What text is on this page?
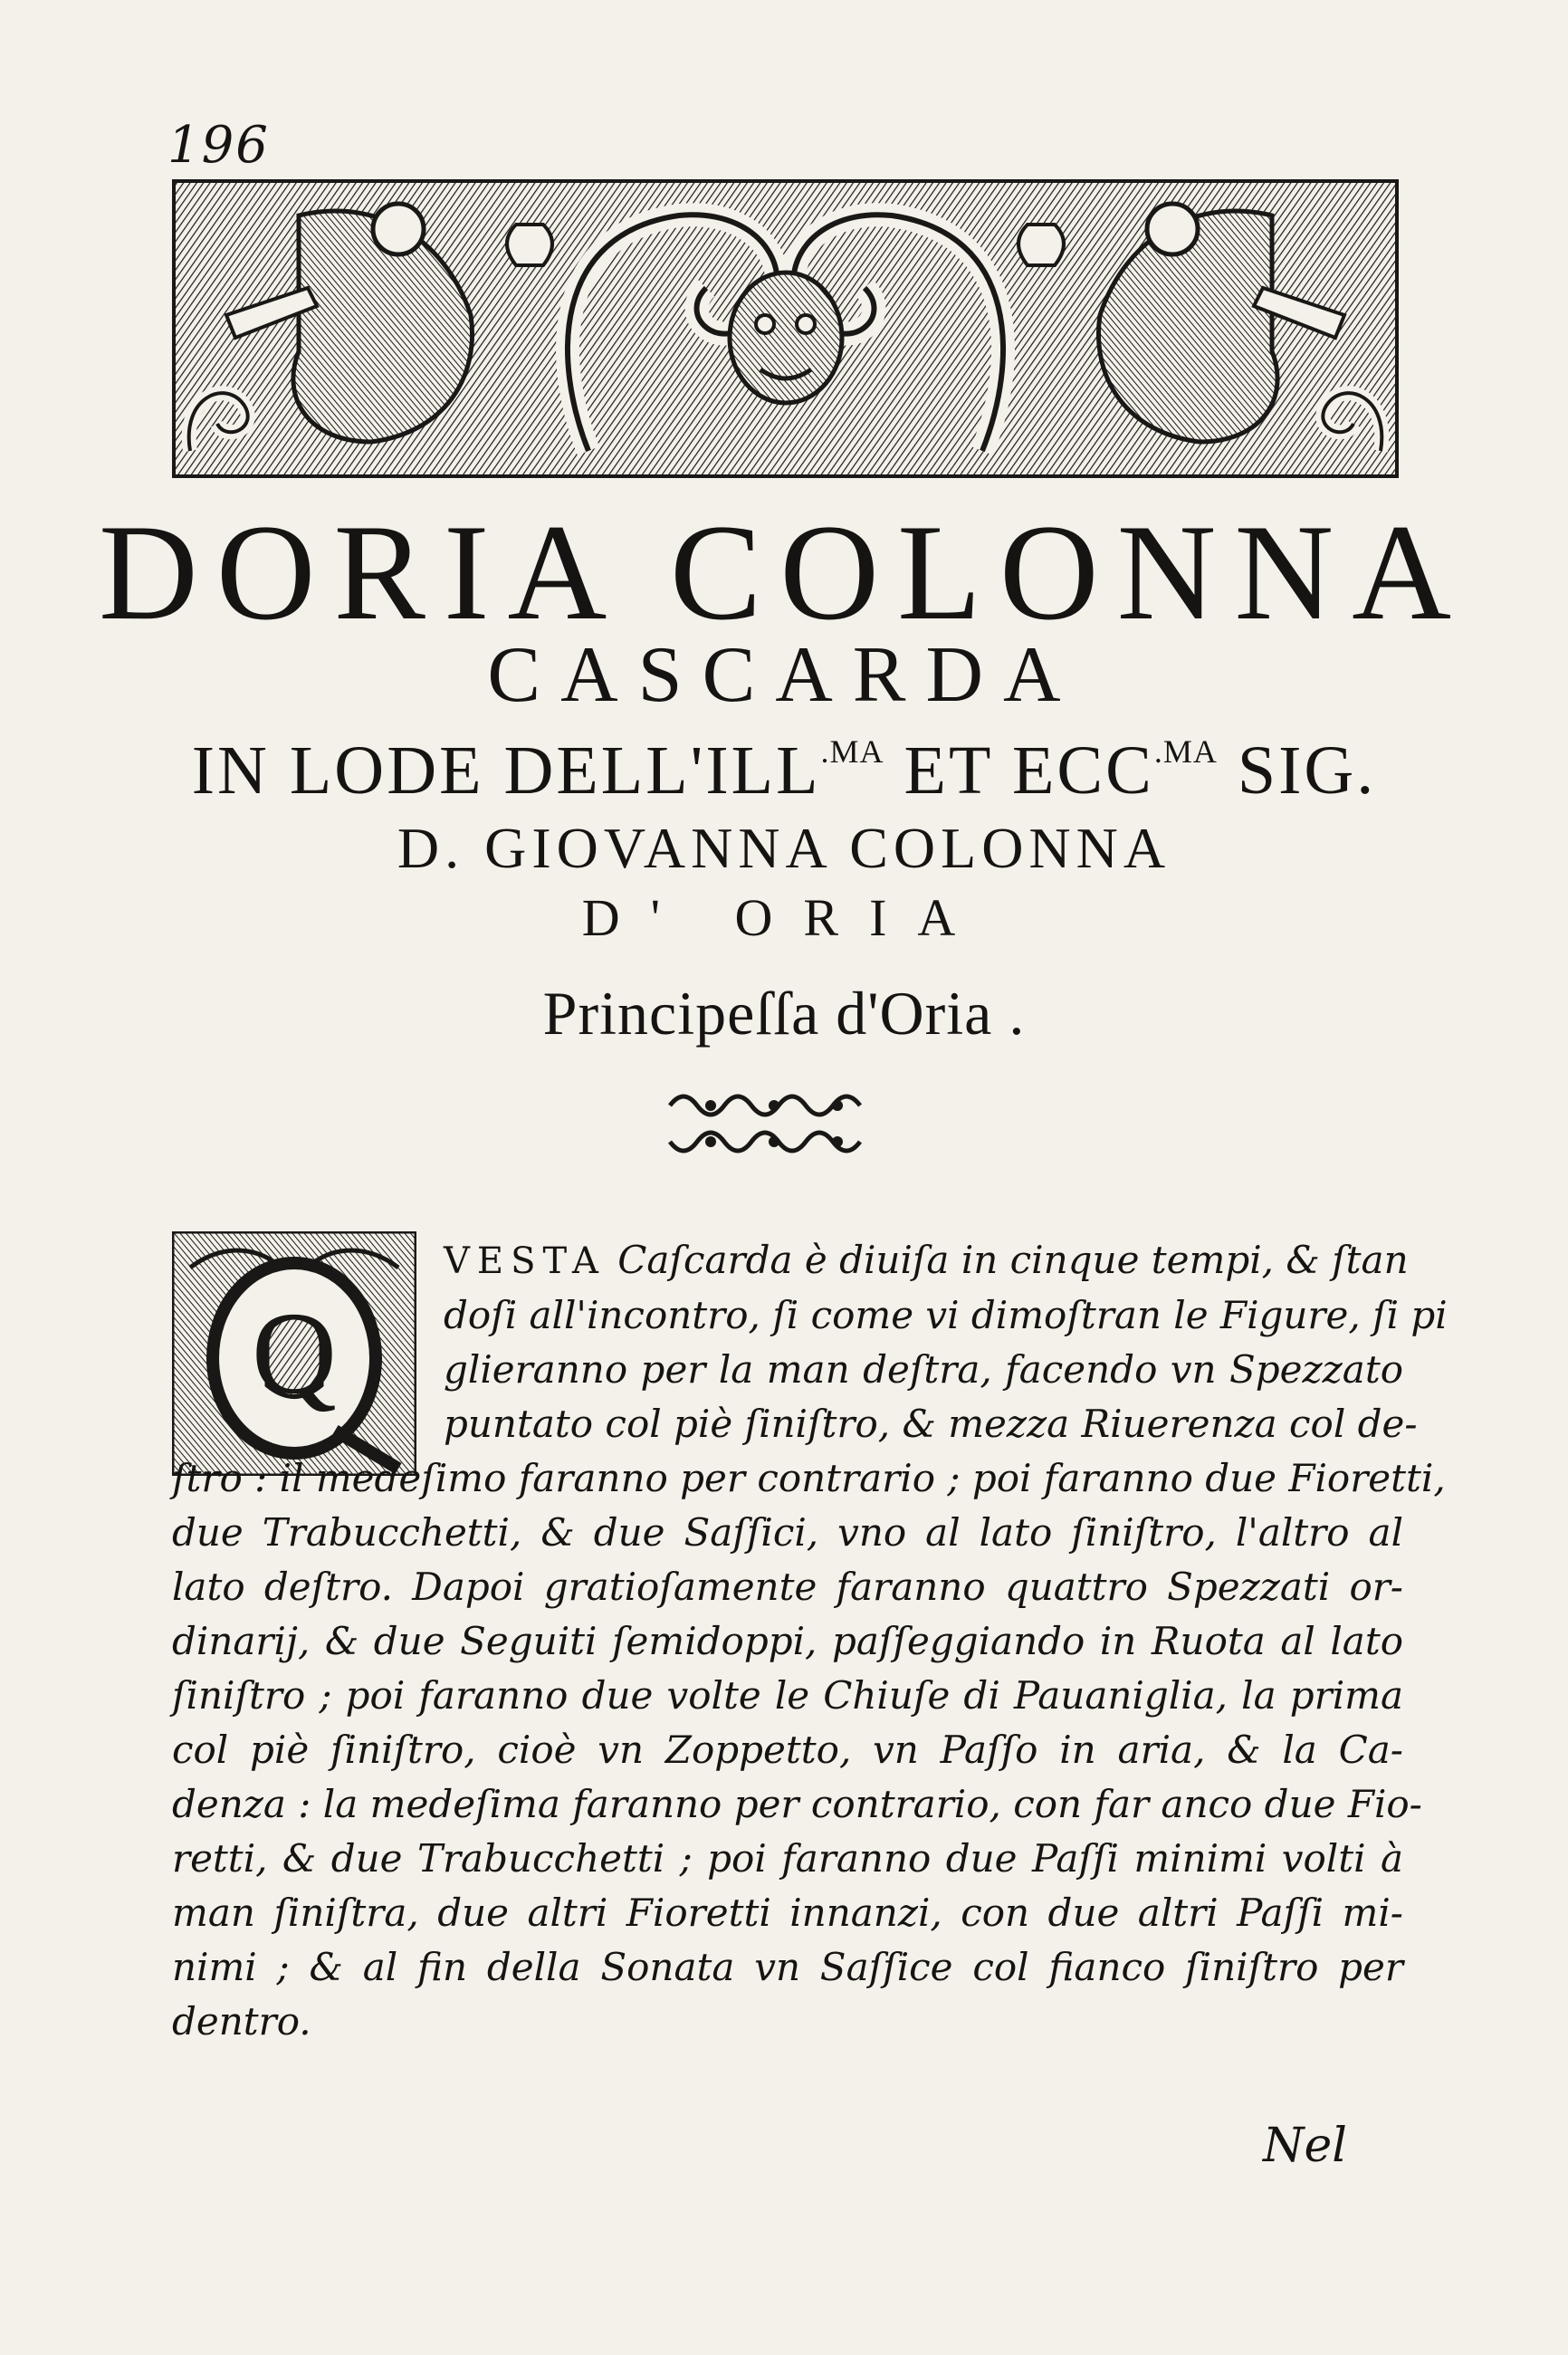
196
DORIA COLONNA
CASCARDA
IN LODE $DELL'ILL^{.MA}$ ET $ECC^{.MA}$ SIG.
D. GIOVANNA COLONNA
D' ORIA
Principeſſa d'Oria .
Q
VESTA Caſcarda è diuiſa in cinque tempi, & ſtan
doſi all'incontro, ſi come vi dimoſtran le Figure, ſi pi
glieranno per la man deſtra, facendo vn Spezzato
puntato col piè ſiniſtro, & mezza Riuerenza col de-
ſtro : il medeſimo faranno per contrario ; poi faranno due Fioretti,
due Trabucchetti, & due Saſſici, vno al lato ſiniſtro, l'altro al
lato deſtro. Dapoi gratioſamente faranno quattro Spezzati or-
dinarij, & due Seguiti ſemidoppi, paſſeggiando in Ruota al lato
ſiniſtro ; poi faranno due volte le Chiuſe di Pauaniglia, la prima
col piè ſiniſtro, cioè vn Zoppetto, vn Paſſo in aria, & la Ca-
denza : la medeſima faranno per contrario, con far anco due Fio-
retti, & due Trabucchetti ; poi faranno due Paſſi minimi volti à
man ſiniſtra, due altri Fioretti innanzi, con due altri Paſſi mi-
nimi ; & al fin della Sonata vn Saſſice col fianco ſiniſtro per
dentro.
Nel
